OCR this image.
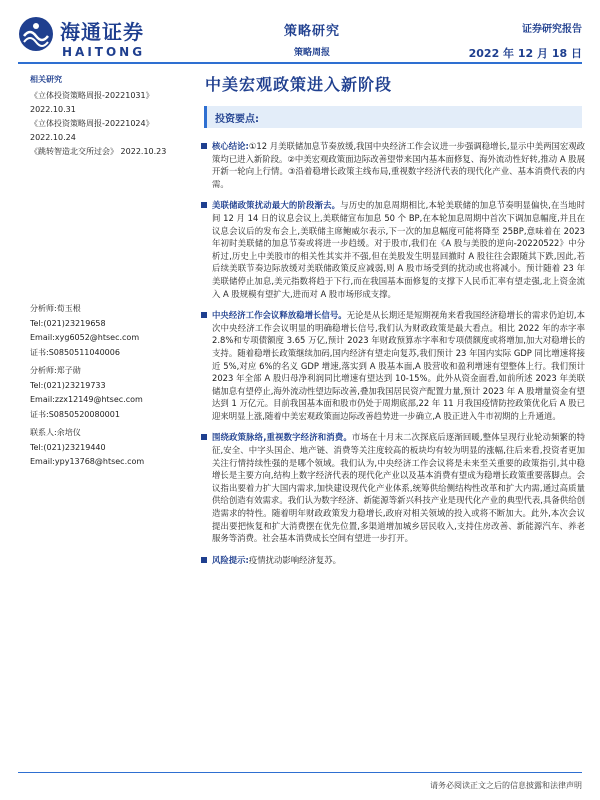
海通证券
HAITONG
策略研究
策略周报
证券研究报告
2022 年 12 月 18 日
相关研究
《立体投资策略周报-20221031》
2022.10.31
《立体投资策略周报-20221024》
2022.10.24
《跳转智造北交所过会》 2022.10.23
分析师:荀玉根
Tel:(021)23219658
Email:xyg6052@htsec.com
证书:S0850511040006
分析师:郑子勋
Tel:(021)23219733
Email:zzx12149@htsec.com
证书:S0850520080001
联系人:余培仪
Tel:(021)23219440
Email:ypy13768@htsec.com
中美宏观政策进入新阶段
投资要点:
核心结论:①12 月美联储加息节奏放缓,我国中央经济工作会议进一步强调稳增长,显示中美两国宏观政策均已进入新阶段。②中美宏观政策面边际改善望带来国内基本面修复、海外流动性好转,推动 A 股展开新一轮向上行情。③沿着稳增长政策主线布局,重视数字经济代表的现代化产业、基本消费代表的内需。
美联储政策扰动最大的阶段渐去。与历史的加息周期相比,本轮美联储的加息节奏明显偏快,在当地时间 12 月 14 日的议息会议上,美联储宣布加息 50 个 BP,在本轮加息周期中首次下调加息幅度,并且在议息会议后的发布会上,美联储主席鲍威尔表示,下一次的加息幅度可能将降至 25BP,意味着在 2023 年初时美联储的加息节奏或将进一步趋缓。对于股市,我们在《A 股与美股的逆向-20220522》中分析过,历史上中美股市的相关性其实并不强,但在美股发生明显回撤时 A 股往往会跟随其下跌,因此,若后续美联节奏边际放缓对美联储政策反应减弱,则 A 股市场受到的扰动或也将减小。预计随着 23 年美联储停止加息,美元指数将趋于下行,而在我国基本面修复的支撑下人民币汇率有望走强,北上资金流入 A 股规模有望扩大,进而对 A 股市场形成支撑。
中央经济工作会议释放稳增长信号。无论是从长期还是短期视角来看我国经济稳增长的需求仍迫切,本次中央经济工作会议明显的明确稳增长信号,我们认为财政政策是最大看点。相比 2022 年的赤字率 2.8%和专项债额度 3.65 万亿,预计 2023 年财政预算赤字率和专项债额度或将增加,加大对稳增长的支持。随着稳增长政策继续加码,国内经济有望走向复苏,我们预计 23 年国内实际 GDP 同比增速将接近 5%,对应 6%的名义 GDP 增速,落实到 A 股基本面,A 股营收和盈利增速有望整体上行。我们预计 2023 年全部 A 股归母净利润同比增速有望达到 10-15%。此外从资金面看,如前所述 2023 年美联储加息有望停止,海外流动性望边际改善,叠加我国居民资产配置力量,预计 2023 年 A 股增量资金有望达到 1 万亿元。目前我国基本面和股市仍处于周期底部,22 年 11 月我国疫情防控政策优化后 A 股已迎来明显上涨,随着中美宏观政策面边际改善趋势进一步确立,A 股正进入牛市初期的上升通道。
围绕政策脉络,重视数字经济和消费。市场在十月末二次探底后逐渐回暖,整体呈现行业轮动频繁的特征,安全、中字头国企、地产链、消费等关注度较高的板块均有较为明显的涨幅,往后来看,投资者更加关注行情持续性强的是哪个领域。我们认为,中央经济工作会议将是未来至关重要的政策指引,其中稳增长是主要方向,结构上数字经济代表的现代化产业以及基本消费有望成为稳增长政策重要落脚点。会议指出要着力扩大国内需求,加快建设现代化产业体系,统筹供给侧结构性改革和扩大内需,通过高质量供给创造有效需求。我们认为数字经济、新能源等新兴科技产业是现代化产业的典型代表,具备供给创造需求的特性。随着明年财政政策发力稳增长,政府对相关领域的投入或将不断加大。此外,本次会议提出要把恢复和扩大消费摆在优先位置,多渠道增加城乡居民收入,支持住房改善、新能源汽车、养老服务等消费。社会基本消费成长空间有望进一步打开。
风险提示:疫情扰动影响经济复苏。
请务必阅读正文之后的信息披露和法律声明
